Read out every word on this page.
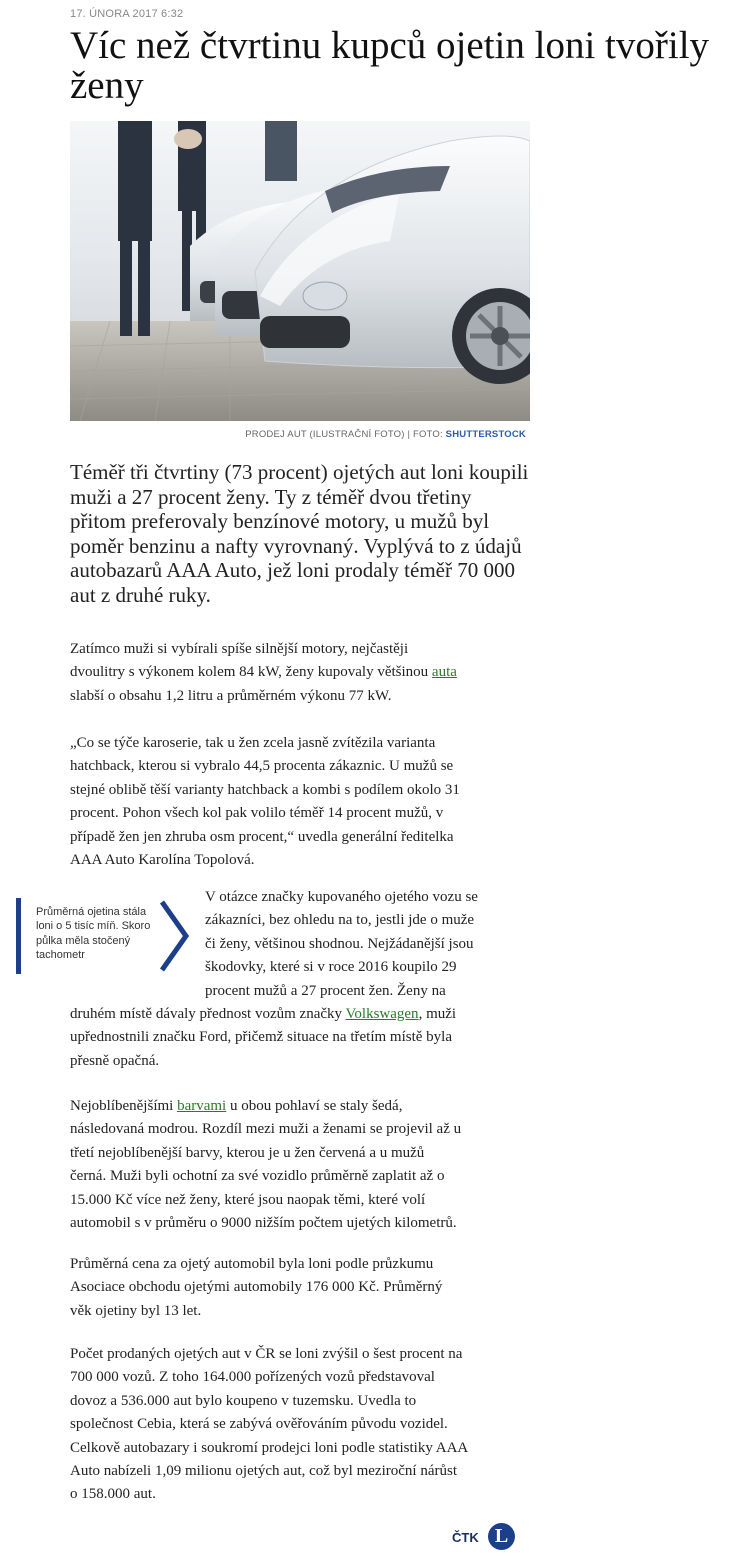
17. ÚNORA 2017 6:32
Víc než čtvrtinu kupců ojetin loni tvořily ženy
PRODEJ AUT (ILUSTRAČNÍ FOTO) | FOTO: SHUTTERSTOCK

Téměř tři čtvrtiny (73 procent) ojetých aut loni koupili muži a 27 procent ženy. Ty z téměř dvou třetiny přitom preferovaly benzínové motory, u mužů byl poměr benzinu a nafty vyrovnaný. Vyplývá to z údajů autobazarů AAA Auto, jež loni prodaly téměř 70 000 aut z druhé ruky.

Zatímco muži si vybírali spíše silnější motory, nejčastěji
dvoulitry s výkonem kolem 84 kW, ženy kupovaly většinou auta
slabší o obsahu 1,2 litru a průměrném výkonu 77 kW.
„Co se týče karoserie, tak u žen zcela jasně zvítězila varianta
hatchback, kterou si vybralo 44,5 procenta zákaznic. U mužů se
stejné oblibě těší varianty hatchback a kombi s podílem okolo 31
procent. Pohon všech kol pak volilo téměř 14 procent mužů, v
případě žen jen zhruba osm procent,“ uvedla generální ředitelka
AAA Auto Karolína Topolová.
Průměrná ojetina stála loni o 5 tisíc míň. Skoro půlka měla stočený tachometr
V otázce značky kupovaného ojetého vozu se
zákazníci, bez ohledu na to, jestli jde o muže
či ženy, většinou shodnou. Nejžádanější jsou
škodovky, které si v roce 2016 koupilo 29
procent mužů a 27 procent žen. Ženy na
druhém místě dávaly přednost vozům značky Volkswagen, muži
upřednostnili značku Ford, přičemž situace na třetím místě byla
přesně opačná.
Nejoblíbenějšími barvami u obou pohlaví se staly šedá,
následovaná modrou. Rozdíl mezi muži a ženami se projevil až u
třetí nejoblíbenější barvy, kterou je u žen červená a u mužů
černá. Muži byli ochotní za své vozidlo průměrně zaplatit až o
15.000 Kč více než ženy, které jsou naopak těmi, které volí
automobil s v průměru o 9000 nižším počtem ujetých kilometrů.
Průměrná cena za ojetý automobil byla loni podle průzkumu
Asociace obchodu ojetými automobily 176 000 Kč. Průměrný
věk ojetiny byl 13 let.
Počet prodaných ojetých aut v ČR se loni zvýšil o šest procent na
700 000 vozů. Z toho 164.000 pořízených vozů představoval
dovoz a 536.000 aut bylo koupeno v tuzemsku. Uvedla to
společnost Cebia, která se zabývá ověřováním původu vozidel.
Celkově autobazary i soukromí prodejci loni podle statistiky AAA
Auto nabízeli 1,09 milionu ojetých aut, což byl meziroční nárůst
o 158.000 aut.
ČTK L
